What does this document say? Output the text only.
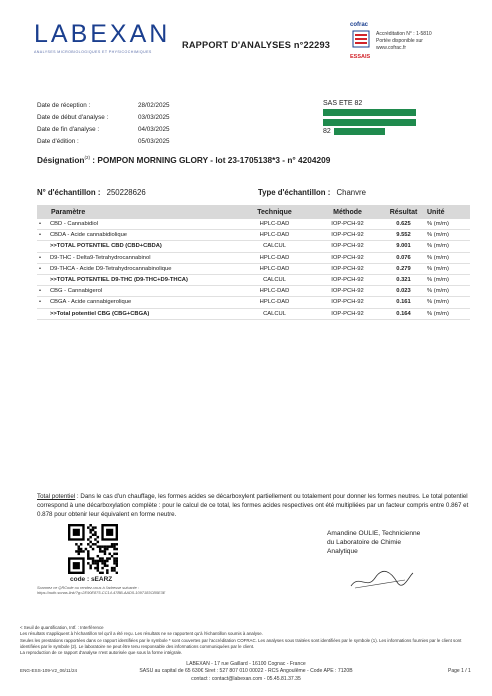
LABEXAN
ANALYSES MICROBIOLOGIQUES ET PHYSICOCHIMIQUES
RAPPORT D'ANALYSES n°22293
cofrac
ESSAIS
Accréditation N° : 1-5810
Portée disponible sur
www.cofrac.fr
Date de réception :	28/02/2025
Date de début d'analyse :	03/03/2025
Date de fin d'analyse :	04/03/2025
Date d'édition :	05/03/2025
SAS ETE 82
82
Désignation$^{(2)}$ : POMPON MORNING GLORY - lot 23-1705138*3 - n° 4204209
N° d'échantillon : 250228626	Type d'échantillon : Chanvre
Paramètre	Technique	Méthode	Résultat	Unité
• CBD - Cannabidiol	HPLC-DAD	IOP-PCH-92	0.625	% (m/m)
• CBDA - Acide cannabidiolique	HPLC-DAD	IOP-PCH-92	9.552	% (m/m)
>>TOTAL POTENTIEL CBD (CBD+CBDA)	CALCUL	IOP-PCH-92	9.001	% (m/m)
• D9-THC - Delta9-Tetrahydrocannabinol	HPLC-DAD	IOP-PCH-92	0.076	% (m/m)
• D9-THCA - Acide D9-Tetrahydrocannabinolique	HPLC-DAD	IOP-PCH-92	0.279	% (m/m)
>>TOTAL POTENTIEL D9-THC (D9-THC+D9-THCA)	CALCUL	IOP-PCH-92	0.321	% (m/m)
• CBG - Cannabigerol	HPLC-DAD	IOP-PCH-92	0.023	% (m/m)
• CBGA - Acide cannabigerolique	HPLC-DAD	IOP-PCH-92	0.161	% (m/m)
>>Total potentiel CBG (CBG+CBGA)	CALCUL	IOP-PCH-92	0.164	% (m/m)
Total potentiel : Dans le cas d'un chauffage, les formes acides se décarboxylent partiellement ou totalement pour donner les formes neutres. Le total potentiel correspond à une décarboxylation complète : pour le calcul de ce total, les formes acides respectives ont été multipliées par un facteur compris entre 0.867 et 0.878 pour obtenir leur équivalent en forme neutre.
Amandine OULIE, Technicienne
du Laboratoire de Chimie
Analytique
code : sEARZ
Scannez ce QRCode ou rendez-vous à l'adresse suivante : https://auth.sonas.link/?g=2E90E875-CC14-47BB-AAD5-1097183CB5E3E
< Seuil de quantification, Intf. : Interférence
Les résultats s'appliquent à l'échantillon tel qu'il a été reçu. Les résultats ne se rapportent qu'à l'échantillon soumis à analyse.
Seules les prestations rapportées dans ce rapport identifiées par le symbole * sont couvertes par l'accréditation COFRAC. Les analyses sous traitées sont identifiées par le symbole (1). Les informations fournies par le client sont identifiées par le symbole (2). Le laboratoire ne peut être tenu responsable des informations communiquées par le client.
La reproduction de ce rapport d'analyse n'est autorisée que sous la forme intégrale.
ENG-ESS-109-V2_06/11/24
LABEXAN - 17 rue Gaillard - 16100 Cognac - France
SASU au capital de 65 630€ Siret : 527 807 010 00022 - RCS Angoulême - Code APE : 7120B
contact : contact@labexan.com - 05.45.81.37.35
Page 1 / 1
